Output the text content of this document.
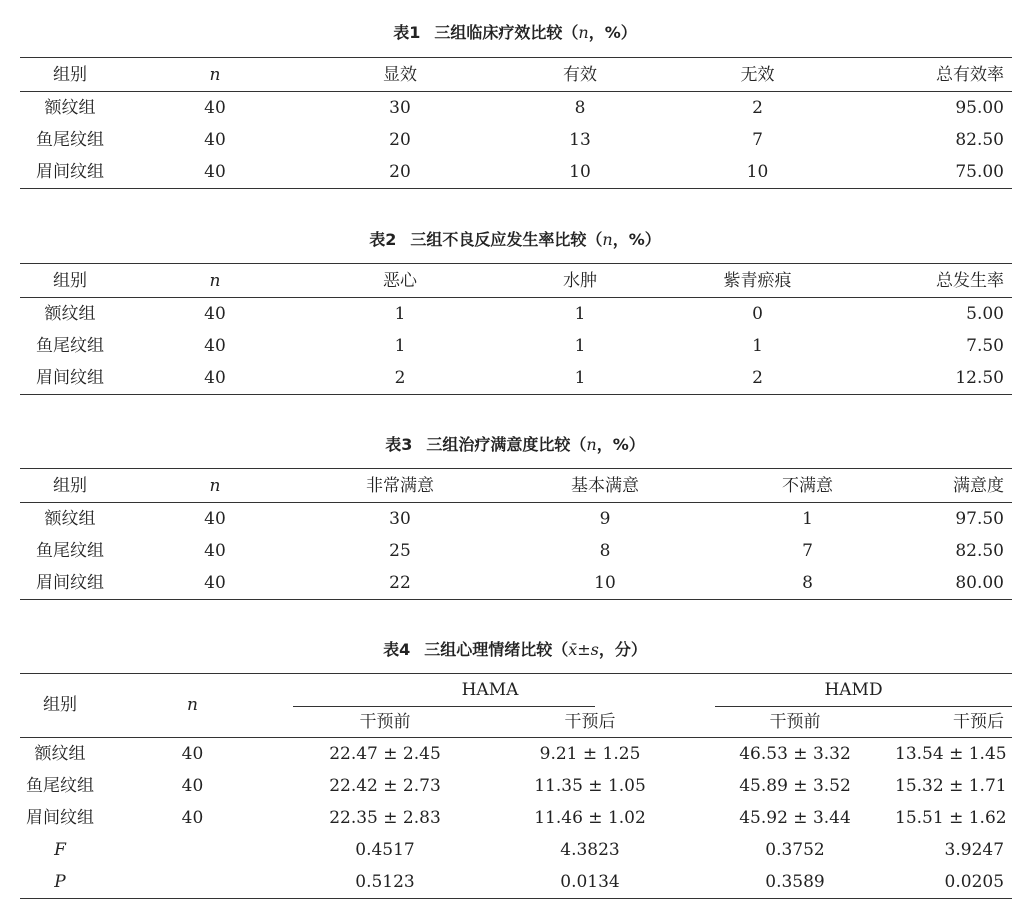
表1 三组临床疗效比较（n，%）
组别	n	显效	有效	无效	总有效率
额纹组	40	30	8	2	95.00
鱼尾纹组	40	20	13	7	82.50
眉间纹组	40	20	10	10	75.00
表2 三组不良反应发生率比较（n，%）
组别	n	恶心	水肿	紫青瘀痕	总发生率
额纹组	40	1	1	0	5.00
鱼尾纹组	40	1	1	1	7.50
眉间纹组	40	2	1	2	12.50
表3 三组治疗满意度比较（n，%）
组别	n	非常满意	基本满意	不满意	满意度
额纹组	40	30	9	1	97.50
鱼尾纹组	40	25	8	7	82.50
眉间纹组	40	22	10	8	80.00
表4 三组心理情绪比较（x̄±s，分）
组别	n	HAMA		HAMD	

		干预前	干预后	干预前	干预后
额纹组	40	22.47 ± 2.45	9.21 ± 1.25	46.53 ± 3.32	13.54 ± 1.45
鱼尾纹组	40	22.42 ± 2.73	11.35 ± 1.05	45.89 ± 3.52	15.32 ± 1.71
眉间纹组	40	22.35 ± 2.83	11.46 ± 1.02	45.92 ± 3.44	15.51 ± 1.62
F		0.4517	4.3823	0.3752	3.9247
P		0.5123	0.0134	0.3589	0.0205
